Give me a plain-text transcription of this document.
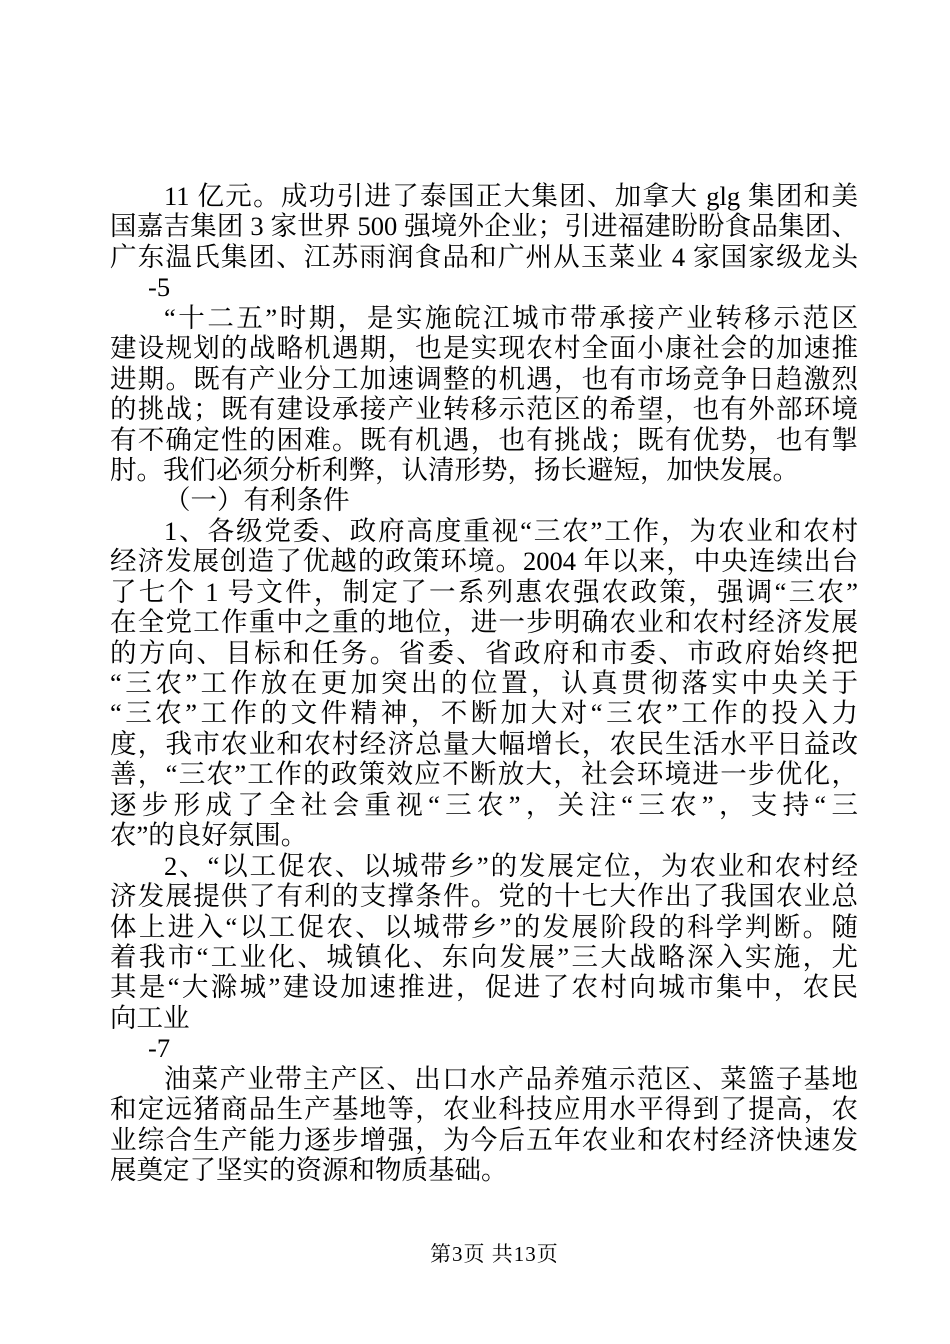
11 亿元。成功引进了泰国正大集团、加拿大 glg 集团和美
国嘉吉集团 3 家世界 500 强境外企业；引进福建盼盼食品集团、
广东温氏集团、江苏雨润食品和广州从玉菜业 4 家国家级龙头
-5
“十二五”时期，是实施皖江城市带承接产业转移示范区
建设规划的战略机遇期，也是实现农村全面小康社会的加速推
进期。既有产业分工加速调整的机遇，也有市场竞争日趋激烈
的挑战；既有建设承接产业转移示范区的希望，也有外部环境
有不确定性的困难。既有机遇，也有挑战；既有优势，也有掣
肘。我们必须分析利弊，认清形势，扬长避短，加快发展。
（一）有利条件
1、各级党委、政府高度重视“三农”工作，为农业和农村
经济发展创造了优越的政策环境。2004 年以来，中央连续出台
了七个 1 号文件，制定了一系列惠农强农政策，强调“三农”
在全党工作重中之重的地位，进一步明确农业和农村经济发展
的方向、目标和任务。省委、省政府和市委、市政府始终把
“三农”工作放在更加突出的位置，认真贯彻落实中央关于
“三农”工作的文件精神，不断加大对“三农”工作的投入力
度，我市农业和农村经济总量大幅增长，农民生活水平日益改
善，“三农”工作的政策效应不断放大，社会环境进一步优化，
逐步形成了全社会重视“三农”，关注“三农”，支持“三
农”的良好氛围。
2、“以工促农、以城带乡”的发展定位，为农业和农村经
济发展提供了有利的支撑条件。党的十七大作出了我国农业总
体上进入“以工促农、以城带乡”的发展阶段的科学判断。随
着我市“工业化、城镇化、东向发展”三大战略深入实施，尤
其是“大滁城”建设加速推进，促进了农村向城市集中，农民
向工业
-7
油菜产业带主产区、出口水产品养殖示范区、菜篮子基地
和定远猪商品生产基地等，农业科技应用水平得到了提高，农
业综合生产能力逐步增强，为今后五年农业和农村经济快速发
展奠定了坚实的资源和物质基础。
第3页 共13页
